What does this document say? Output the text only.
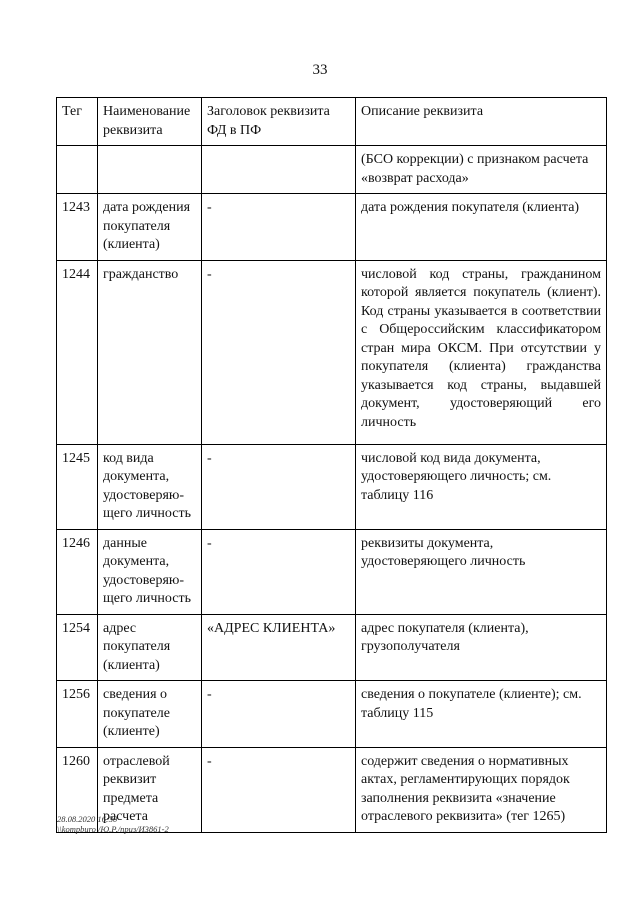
33
Тег	Наименование реквизита	Заголовок реквизита ФД в ПФ	Описание реквизита
			(БСО коррекции) с признаком расчета «возврат расхода»
1243	дата рождения покупателя (клиента)	-	дата рождения покупателя (клиента)
1244	гражданство	-	числовой код страны, гражданином которой является покупатель (клиент). Код страны указывается в соответствии с Общероссийским классификатором стран мира ОКСМ. При отсутствии у покупателя (клиента) гражданства указывается код страны, выдавшей документ, удостоверяющий его личность
1245	код вида документа, удостоверяю-щего личность	-	числовой код вида документа, удостоверяющего личность; см. таблицу 116
1246	данные документа, удостоверяю-щего личность	-	реквизиты документа, удостоверяющего личность
1254	адрес покупателя (клиента)	«АДРЕС КЛИЕНТА»	адрес покупателя (клиента), грузополучателя
1256	сведения о покупателе (клиенте)	-	сведения о покупателе (клиенте); см. таблицу 115
1260	отраслевой реквизит предмета расчета	-	содержит сведения о нормативных актах, регламентирующих порядок заполнения реквизита «значение отраслевого реквизита» (тег 1265)
28.08.2020 16:30
\\kompburo /Ю.Р./приз/И3861-2
